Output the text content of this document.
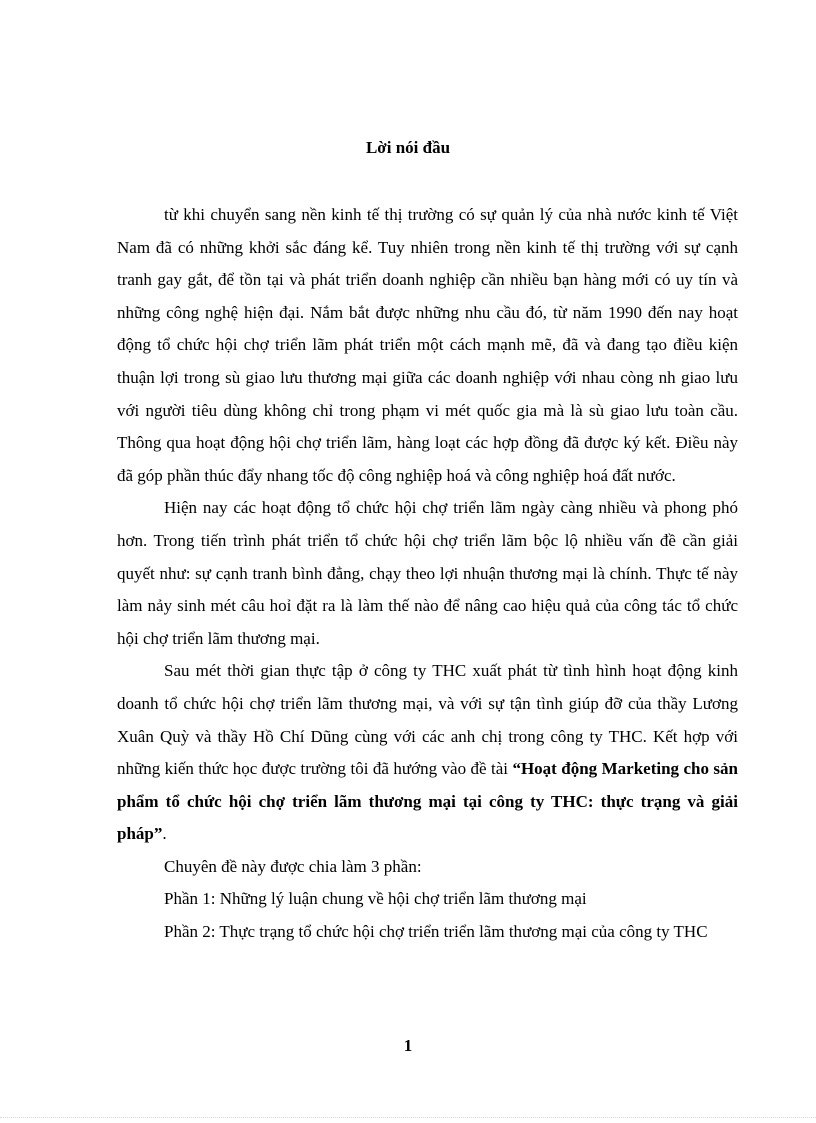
Lời nói đầu

từ khi chuyển sang nền kinh tế thị trường có sự quản lý của nhà nước kinh tế Việt Nam đã có những khởi sắc đáng kể. Tuy nhiên trong nền kinh tế thị trường với sự cạnh tranh gay gắt, để tồn tại và phát triển doanh nghiệp cần nhiều bạn hàng mới có uy tín và những công nghệ hiện đại. Nắm bắt được những nhu cầu đó, từ năm 1990 đến nay hoạt động tổ chức hội chợ triển lãm phát triển một cách mạnh mẽ, đã và đang tạo điều kiện thuận lợi trong sù giao lưu thương mại giữa các doanh nghiệp với nhau còng nh giao lưu với người tiêu dùng không chỉ trong phạm vi mét quốc gia mà là sù giao lưu toàn cầu. Thông qua hoạt động hội chợ triển lãm, hàng loạt các hợp đồng đã được ký kết. Điều này đã góp phần thúc đẩy nhang tốc độ công nghiệp hoá và công nghiệp hoá đất nước.

Hiện nay các hoạt động tổ chức hội chợ triển lãm ngày càng nhiều và phong phó hơn. Trong tiến trình phát triển tổ chức hội chợ triển lãm bộc lộ nhiều vấn đề cần giải quyết như: sự cạnh tranh bình đẳng, chạy theo lợi nhuận thương mại là chính. Thực tế này làm nảy sinh mét câu hoỉ đặt ra là làm thế nào để nâng cao hiệu quả của công tác tổ chức hội chợ triển lãm thương mại.

Sau mét thời gian thực tập ở công ty THC xuất phát từ tình hình hoạt động kinh doanh tổ chức hội chợ triển lãm thương mại, và với sự tận tình giúp đỡ của thầy Lương Xuân Quỳ và thầy Hồ Chí Dũng cùng với các anh chị trong công ty THC. Kết hợp với những kiến thức học được trường tôi đã hướng vào đề tài “Hoạt động Marketing cho sản phẩm tổ chức hội chợ triển lãm thương mại tại công ty THC: thực trạng và giải pháp”.

Chuyên đề này được chia làm 3 phần:

Phần 1: Những lý luận chung về hội chợ triển lãm thương mại

Phần 2: Thực trạng tổ chức hội chợ triển triển lãm thương mại của công ty THC

1
